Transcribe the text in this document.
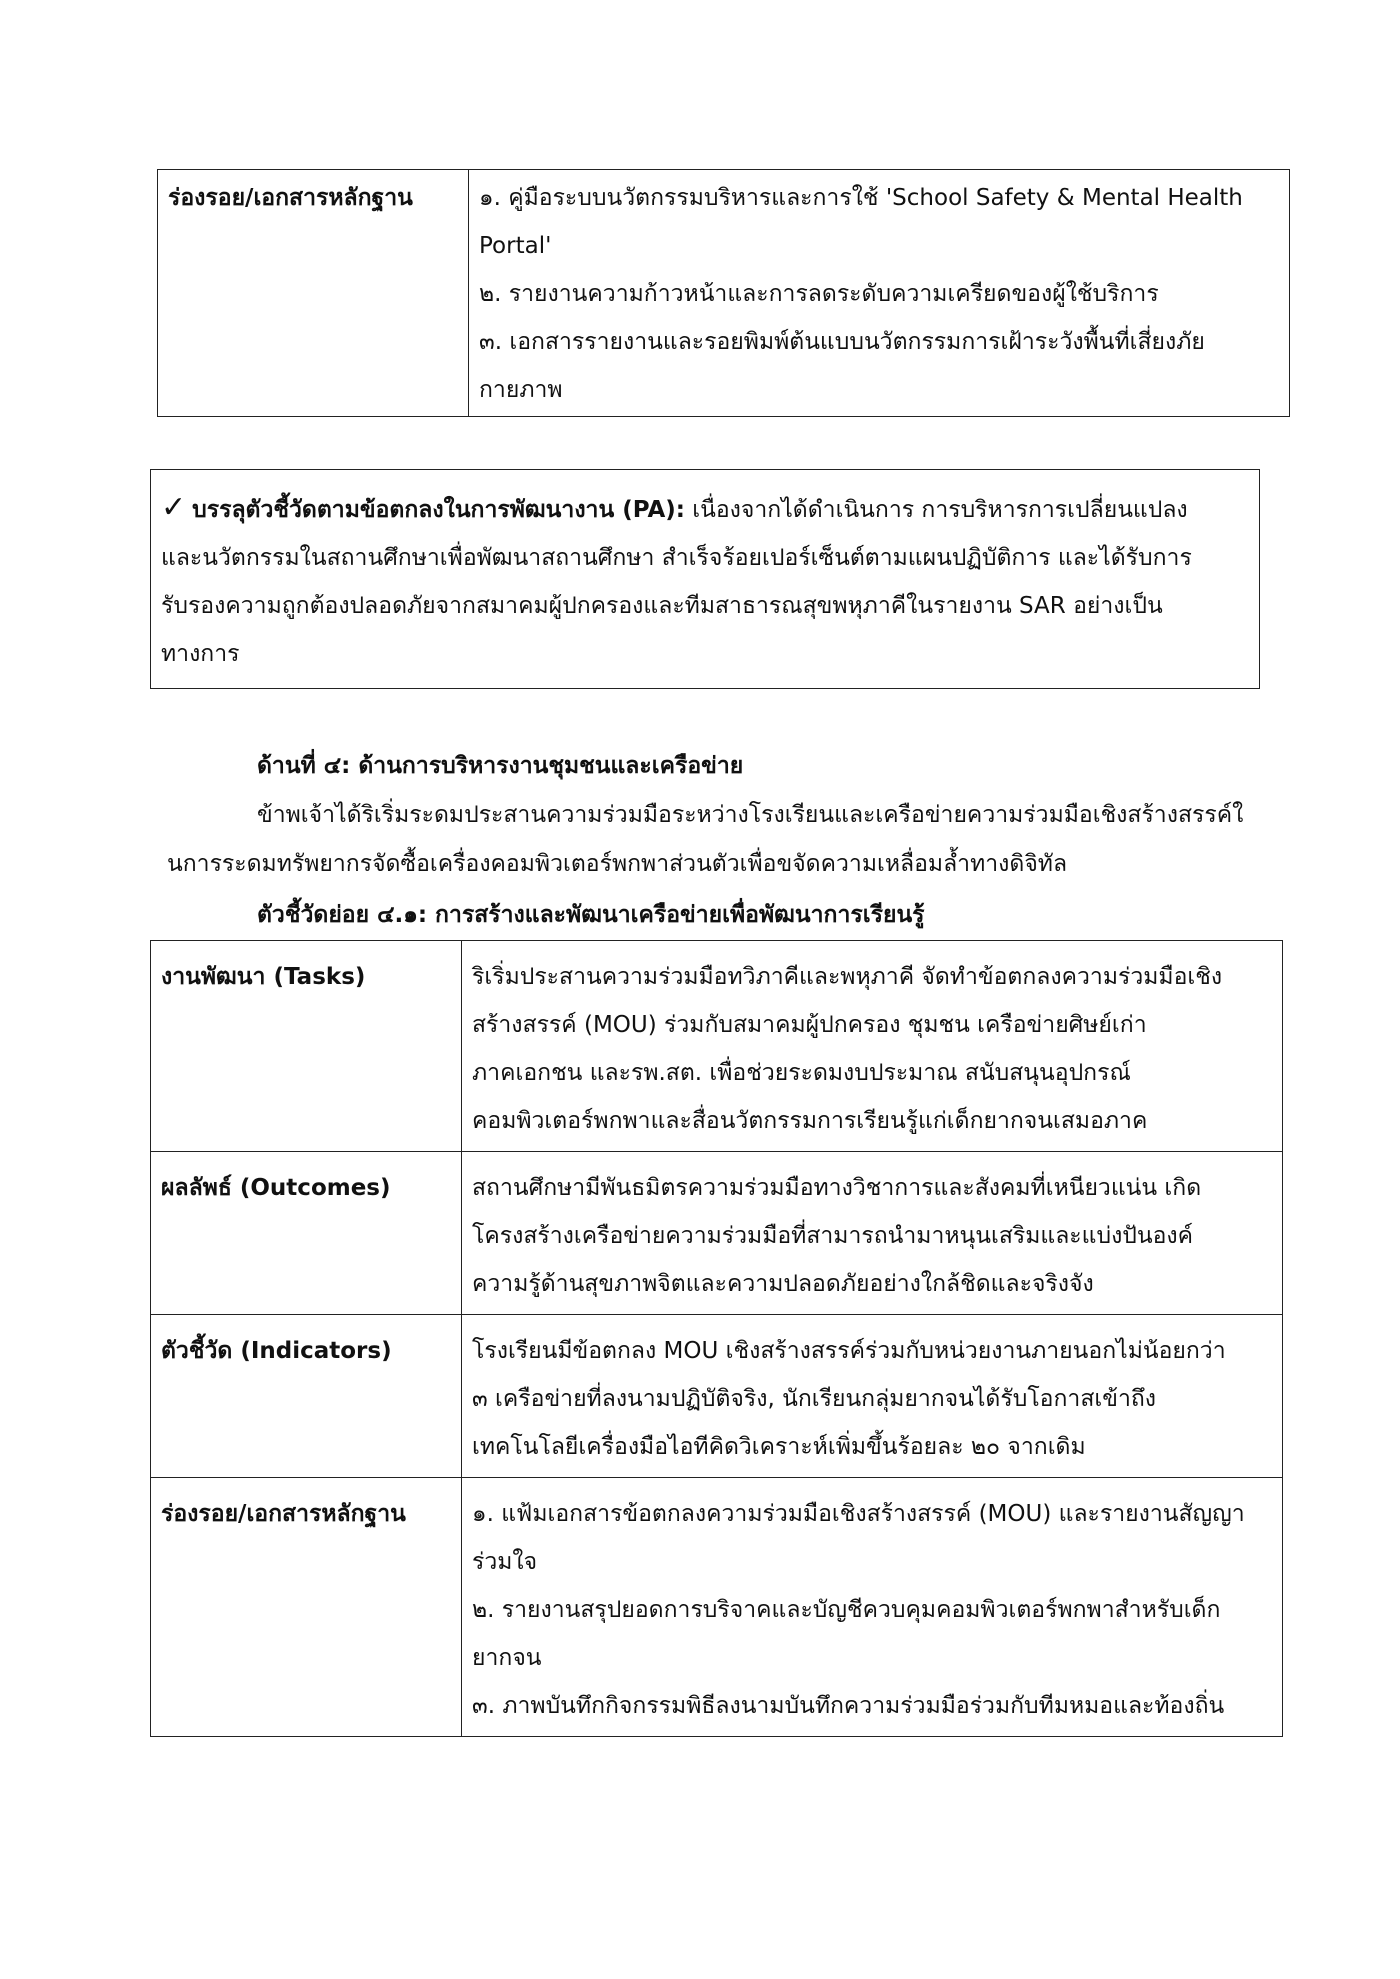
ร่องรอย/เอกสารหลักฐาน	๑. คู่มือระบบนวัตกรรมบริหารและการใช้ 'School Safety & Mental Health
Portal'
๒. รายงานความก้าวหน้าและการลดระดับความเครียดของผู้ใช้บริการ
๓. เอกสารรายงานและรอยพิมพ์ต้นแบบนวัตกรรมการเฝ้าระวังพื้นที่เสี่ยงภัย
กายภาพ
✓ บรรลุตัวชี้วัดตามข้อตกลงในการพัฒนางาน (PA): เนื่องจากได้ดำเนินการ การบริหารการเปลี่ยนแปลง
และนวัตกรรมในสถานศึกษาเพื่อพัฒนาสถานศึกษา สำเร็จร้อยเปอร์เซ็นต์ตามแผนปฏิบัติการ และได้รับการ
รับรองความถูกต้องปลอดภัยจากสมาคมผู้ปกครองและทีมสาธารณสุขพหุภาคีในรายงาน SAR อย่างเป็น
ทางการ
ด้านที่ ๔: ด้านการบริหารงานชุมชนและเครือข่าย
ข้าพเจ้าได้ริเริ่มระดมประสานความร่วมมือระหว่างโรงเรียนและเครือข่ายความร่วมมือเชิงสร้างสรรค์ใ
นการระดมทรัพยากรจัดซื้อเครื่องคอมพิวเตอร์พกพาส่วนตัวเพื่อขจัดความเหลื่อมล้ำทางดิจิทัล
ตัวชี้วัดย่อย ๔.๑: การสร้างและพัฒนาเครือข่ายเพื่อพัฒนาการเรียนรู้
งานพัฒนา (Tasks)	ริเริ่มประสานความร่วมมือทวิภาคีและพหุภาคี จัดทำข้อตกลงความร่วมมือเชิง
สร้างสรรค์ (MOU) ร่วมกับสมาคมผู้ปกครอง ชุมชน เครือข่ายศิษย์เก่า
ภาคเอกชน และรพ.สต. เพื่อช่วยระดมงบประมาณ สนับสนุนอุปกรณ์
คอมพิวเตอร์พกพาและสื่อนวัตกรรมการเรียนรู้แก่เด็กยากจนเสมอภาค

ผลลัพธ์ (Outcomes)	สถานศึกษามีพันธมิตรความร่วมมือทางวิชาการและสังคมที่เหนียวแน่น เกิด
โครงสร้างเครือข่ายความร่วมมือที่สามารถนำมาหนุนเสริมและแบ่งปันองค์
ความรู้ด้านสุขภาพจิตและความปลอดภัยอย่างใกล้ชิดและจริงจัง

ตัวชี้วัด (Indicators)	โรงเรียนมีข้อตกลง MOU เชิงสร้างสรรค์ร่วมกับหน่วยงานภายนอกไม่น้อยกว่า
๓ เครือข่ายที่ลงนามปฏิบัติจริง, นักเรียนกลุ่มยากจนได้รับโอกาสเข้าถึง
เทคโนโลยีเครื่องมือไอทีคิดวิเคราะห์เพิ่มขึ้นร้อยละ ๒๐ จากเดิม

ร่องรอย/เอกสารหลักฐาน	๑. แฟ้มเอกสารข้อตกลงความร่วมมือเชิงสร้างสรรค์ (MOU) และรายงานสัญญา
ร่วมใจ
๒. รายงานสรุปยอดการบริจาคและบัญชีควบคุมคอมพิวเตอร์พกพาสำหรับเด็ก
ยากจน
๓. ภาพบันทึกกิจกรรมพิธีลงนามบันทึกความร่วมมือร่วมกับทีมหมอและท้องถิ่น
